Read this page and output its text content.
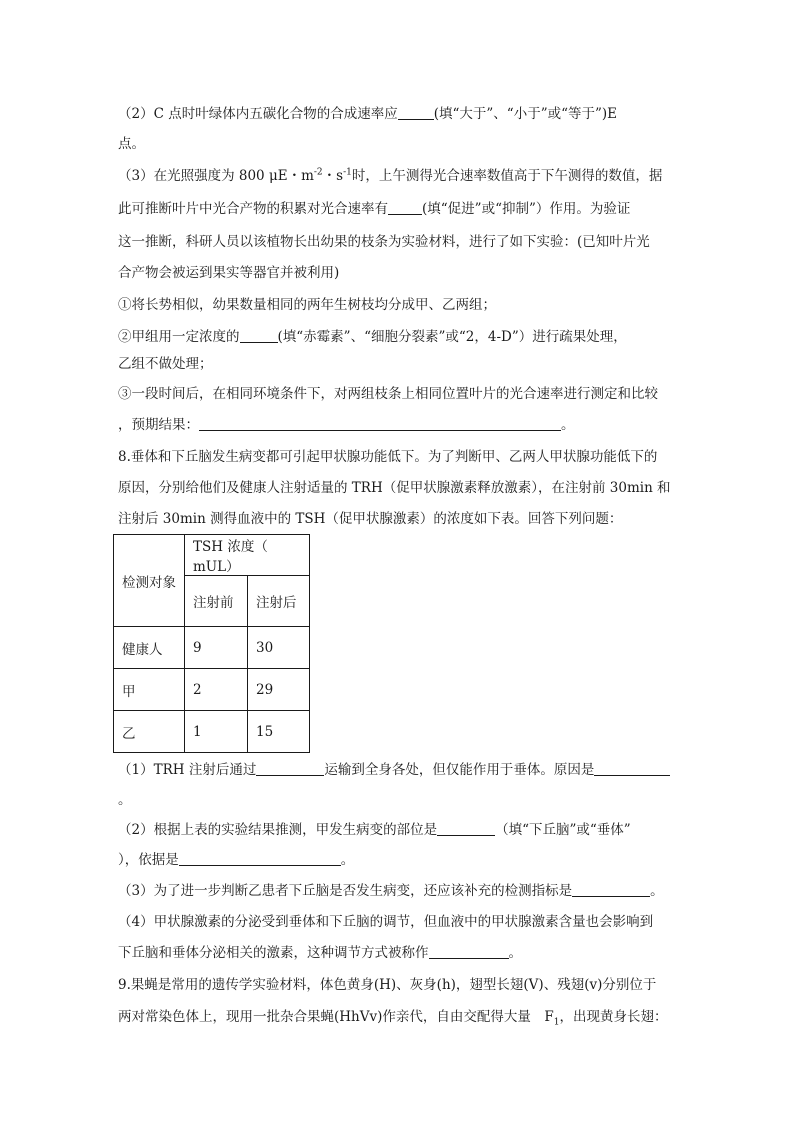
（2）C 点时叶绿体内五碳化合物的合成速率应	(填“大于”、“小于”或“等于”)E
点。
（3）在光照强度为 800 μE・$m^{-2}$・$s^{-1}$时，上午测得光合速率数值高于下午测得的数值，据
此可推断叶片中光合产物的积累对光合速率有	(填“促进”或“抑制”）作用。为验证
这一推断，科研人员以该植物长出幼果的枝条为实验材料，进行了如下实验：(已知叶片光
合产物会被运到果实等器官并被利用)
①将长势相似，幼果数量相同的两年生树枝均分成甲、乙两组；
②甲组用一定浓度的	(填“赤霉素”、“细胞分裂素”或“2，4-D”）进行疏果处理，
乙组不做处理；
③一段时间后，在相同环境条件下，对两组枝条上相同位置叶片的光合速率进行测定和比较
，预期结果：	。
8.垂体和下丘脑发生病变都可引起甲状腺功能低下。为了判断甲、乙两人甲状腺功能低下的
原因，分别给他们及健康人注射适量的 TRH（促甲状腺激素释放激素），在注射前 30min 和
注射后 30min 测得血液中的 TSH（促甲状腺激素）的浓度如下表。回答下列问题：
检测对象	TSH 浓度（ mUL）	
	注射前	注射后
健康人	9	30
甲	2	29
乙	1	15
（1）TRH 注射后通过	运输到全身各处，但仅能作用于垂体。原因是
。
（2）根据上表的实验结果推测，甲发生病变的部位是	（填“下丘脑”或“垂体”
），依据是	。
（3）为了进一步判断乙患者下丘脑是否发生病变，还应该补充的检测指标是	。
（4）甲状腺激素的分泌受到垂体和下丘脑的调节，但血液中的甲状腺激素含量也会影响到
下丘脑和垂体分泌相关的激素，这种调节方式被称作	。
9.果蝇是常用的遗传学实验材料，体色黄身(H)、灰身(h)，翅型长翅(V)、残翅(v)分别位于
两对常染色体上，现用一批杂合果蝇(HhVv)作亲代，自由交配得大量　$F_1$，出现黄身长翅：
